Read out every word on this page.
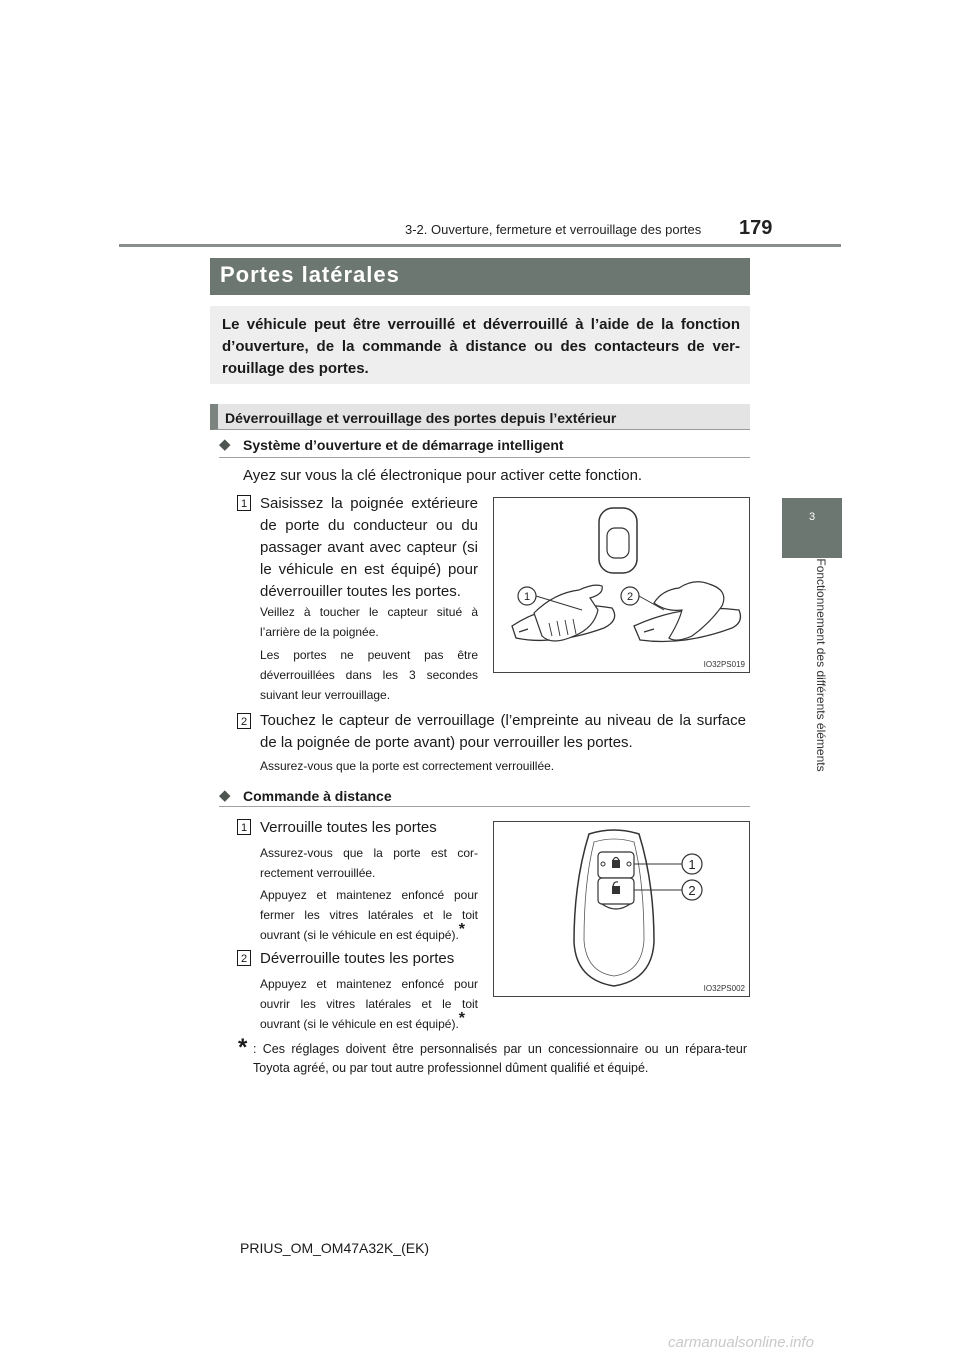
3-2. Ouverture, fermeture et verrouillage des portes 179
3
Fonctionnement des différents éléments
Portes latérales
Le véhicule peut être verrouillé et déverrouillé à l’aide de la fonction d’ouverture, de la commande à distance ou des contacteurs de ver-rouillage des portes.
Déverrouillage et verrouillage des portes depuis l’extérieur
◆ Système d’ouverture et de démarrage intelligent
Ayez sur vous la clé électronique pour activer cette fonction.
1 Saisissez la poignée extérieure de porte du conducteur ou du passager avant avec capteur (si le véhicule en est équipé) pour déverrouiller toutes les portes.
Veillez à toucher le capteur situé à l’arrière de la poignée.
Les portes ne peuvent pas être déverrouillées dans les 3 secondes suivant leur verrouillage.
1	2
IO32PS019
2 Touchez le capteur de verrouillage (l’empreinte au niveau de la surface de la poignée de porte avant) pour verrouiller les portes.
Assurez-vous que la porte est correctement verrouillée.
◆ Commande à distance
1 Verrouille toutes les portes
Assurez-vous que la porte est cor-rectement verrouillée.
Appuyez et maintenez enfoncé pour fermer les vitres latérales et le toit ouvrant (si le véhicule en est équipé).*
2 Déverrouille toutes les portes
Appuyez et maintenez enfoncé pour ouvrir les vitres latérales et le toit ouvrant (si le véhicule en est équipé).*
1
2
IO32PS002
* : Ces réglages doivent être personnalisés par un concessionnaire ou un répara-teur Toyota agréé, ou par tout autre professionnel dûment qualifié et équipé.
PRIUS_OM_OM47A32K_(EK)
carmanualsonline.info
